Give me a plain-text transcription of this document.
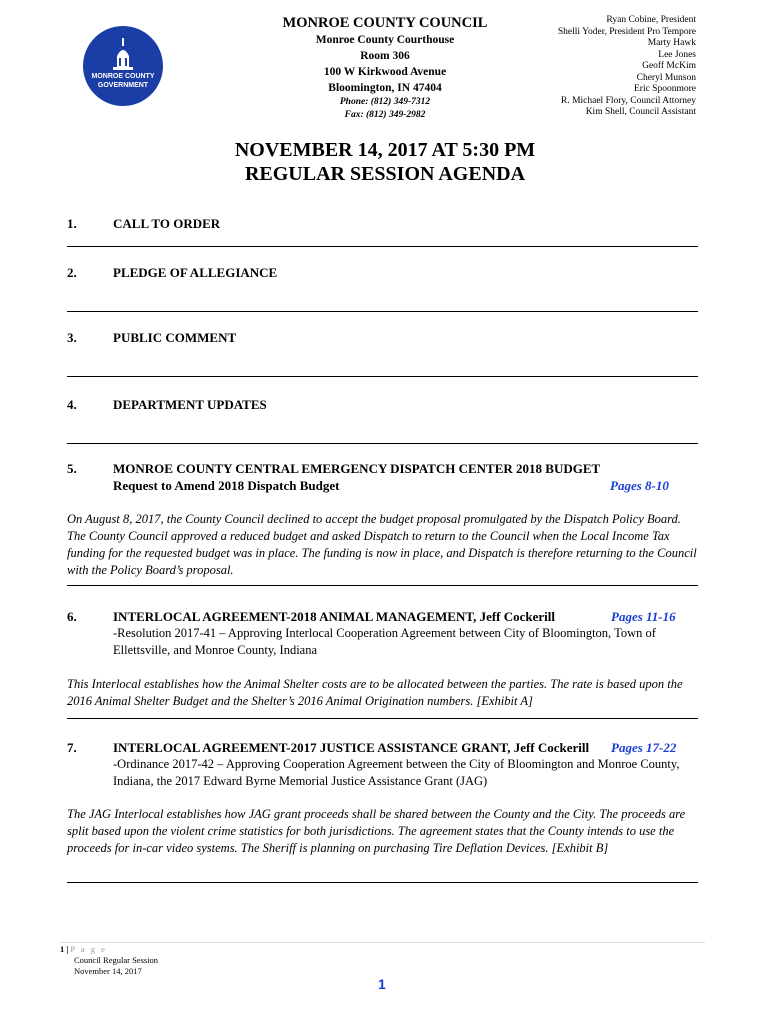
MONROE COUNTY
GOVERNMENT
MONROE COUNTY COUNCIL
Monroe County Courthouse
Room 306
100 W Kirkwood Avenue
Bloomington, IN 47404
Phone: (812) 349-7312
Fax: (812) 349-2982
Ryan Cobine, President
Shelli Yoder, President Pro Tempore
Marty Hawk
Lee Jones
Geoff McKim
Cheryl Munson
Eric Spoonmore
R. Michael Flory, Council Attorney
Kim Shell, Council Assistant
NOVEMBER 14, 2017 AT 5:30 PM
REGULAR SESSION AGENDA
1.	CALL TO ORDER
2.	PLEDGE OF ALLEGIANCE
3.	PUBLIC COMMENT
4.	DEPARTMENT UPDATES
5.	MONROE COUNTY CENTRAL EMERGENCY DISPATCH CENTER 2018 BUDGET
Request to Amend 2018 Dispatch Budget	Pages 8-10
On August 8, 2017, the County Council declined to accept the budget proposal promulgated by the Dispatch Policy Board. The County Council approved a reduced budget and asked Dispatch to return to the Council when the Local Income Tax funding for the requested budget was in place. The funding is now in place, and Dispatch is therefore returning to the Council with the Policy Board’s proposal.
6.	INTERLOCAL AGREEMENT-2018 ANIMAL MANAGEMENT, Jeff Cockerill	Pages 11-16
-Resolution 2017-41 – Approving Interlocal Cooperation Agreement between City of Bloomington, Town of Ellettsville, and Monroe County, Indiana
This Interlocal establishes how the Animal Shelter costs are to be allocated between the parties. The rate is based upon the 2016 Animal Shelter Budget and the Shelter’s 2016 Animal Origination numbers. [Exhibit A]
7.	INTERLOCAL AGREEMENT-2017 JUSTICE ASSISTANCE GRANT, Jeff Cockerill Pages 17-22
-Ordinance 2017-42 – Approving Cooperation Agreement between the City of Bloomington and Monroe County, Indiana, the 2017 Edward Byrne Memorial Justice Assistance Grant (JAG)
The JAG Interlocal establishes how JAG grant proceeds shall be shared between the County and the City. The proceeds are split based upon the violent crime statistics for both jurisdictions. The agreement states that the County intends to use the proceeds for in-car video systems. The Sheriff is planning on purchasing Tire Deflation Devices. [Exhibit B]
1 | P a g e
Council Regular Session
November 14, 2017
1
